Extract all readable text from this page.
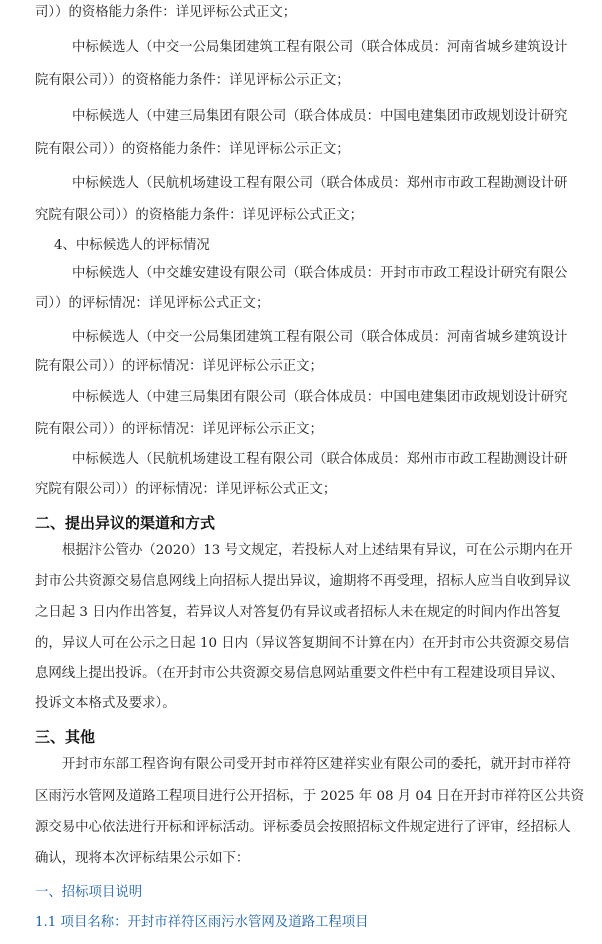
司））的资格能力条件：详见评标公式正文；
中标候选人（中交一公局集团建筑工程有限公司（联合体成员：河南省城乡建筑设计
院有限公司））的资格能力条件：详见评标公示正文；
中标候选人（中建三局集团有限公司（联合体成员：中国电建集团市政规划设计研究
院有限公司））的资格能力条件：详见评标公示正文；
中标候选人（民航机场建设工程有限公司（联合体成员：郑州市市政工程勘测设计研
究院有限公司））的资格能力条件：详见评标公式正文；
4、中标候选人的评标情况
中标候选人（中交雄安建设有限公司（联合体成员：开封市市政工程设计研究有限公
司））的评标情况：详见评标公式正文；
中标候选人（中交一公局集团建筑工程有限公司（联合体成员：河南省城乡建筑设计
院有限公司））的评标情况：详见评标公示正文；
中标候选人（中建三局集团有限公司（联合体成员：中国电建集团市政规划设计研究
院有限公司））的评标情况：详见评标公示正文；
中标候选人（民航机场建设工程有限公司（联合体成员：郑州市市政工程勘测设计研
究院有限公司））的评标情况：详见评标公式正文；
二、提出异议的渠道和方式
根据汴公管办（2020）13 号文规定，若投标人对上述结果有异议，可在公示期内在开
封市公共资源交易信息网线上向招标人提出异议，逾期将不再受理，招标人应当自收到异议
之日起 3 日内作出答复，若异议人对答复仍有异议或者招标人未在规定的时间内作出答复
的，异议人可在公示之日起 10 日内（异议答复期间不计算在内）在开封市公共资源交易信
息网线上提出投诉。（在开封市公共资源交易信息网站重要文件栏中有工程建设项目异议、
投诉文本格式及要求）。
三、其他
开封市东部工程咨询有限公司受开封市祥符区建祥实业有限公司的委托，就开封市祥符
区雨污水管网及道路工程项目进行公开招标，于 2025 年 08 月 04 日在开封市祥符区公共资
源交易中心依法进行开标和评标活动。评标委员会按照招标文件规定进行了评审，经招标人
确认，现将本次评标结果公示如下：
一、招标项目说明
1.1 项目名称：开封市祥符区雨污水管网及道路工程项目
